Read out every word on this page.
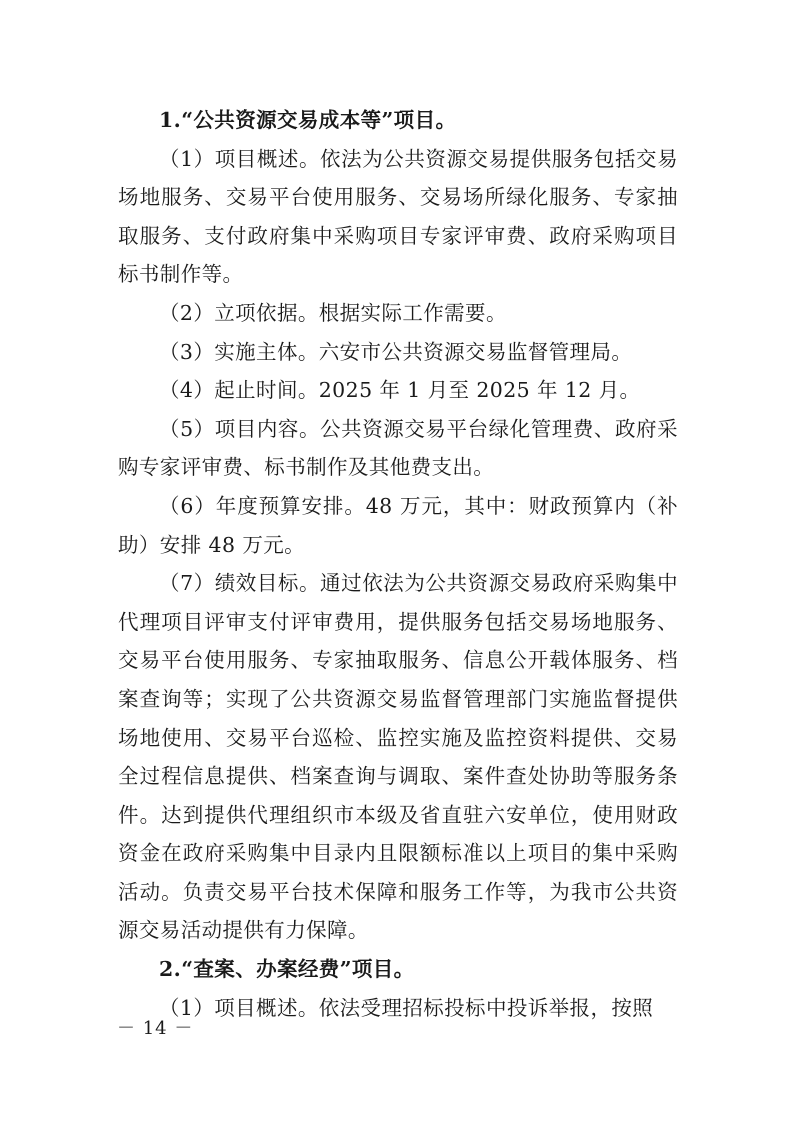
1.“公共资源交易成本等”项目。

（1）项目概述。依法为公共资源交易提供服务包括交易场地服务、交易平台使用服务、交易场所绿化服务、专家抽取服务、支付政府集中采购项目专家评审费、政府采购项目标书制作等。

（2）立项依据。根据实际工作需要。

（3）实施主体。六安市公共资源交易监督管理局。

（4）起止时间。2025 年 1 月至 2025 年 12 月。

（5）项目内容。公共资源交易平台绿化管理费、政府采购专家评审费、标书制作及其他费支出。

（6）年度预算安排。48 万元，其中：财政预算内（补助）安排 48 万元。

（7）绩效目标。通过依法为公共资源交易政府采购集中代理项目评审支付评审费用，提供服务包括交易场地服务、交易平台使用服务、专家抽取服务、信息公开载体服务、档案查询等；实现了公共资源交易监督管理部门实施监督提供场地使用、交易平台巡检、监控实施及监控资料提供、交易全过程信息提供、档案查询与调取、案件查处协助等服务条件。达到提供代理组织市本级及省直驻六安单位，使用财政资金在政府采购集中目录内且限额标准以上项目的集中采购活动。负责交易平台技术保障和服务工作等，为我市公共资源交易活动提供有力保障。

2.“查案、办案经费”项目。

（1）项目概述。依法受理招标投标中投诉举报，按照

－ 14 －
